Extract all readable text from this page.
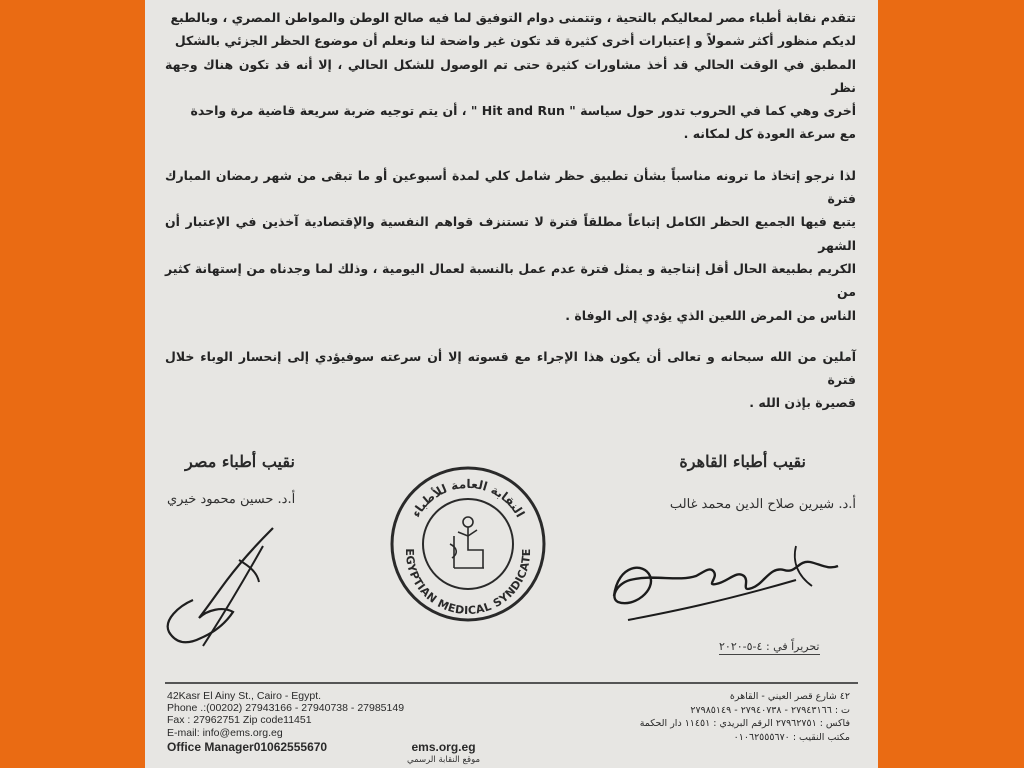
تتقدم نقابة أطباء مصر لمعاليكم بالتحية ، وتتمنى دوام التوفيق لما فيه صالح الوطن والمواطن المصري ، وبالطبع
لديكم منظور أكثر شمولاً و إعتبارات أخرى كثيرة قد تكون غير واضحة لنا ونعلم أن موضوع الحظر الجزئي بالشكل
المطبق في الوقت الحالي قد أخذ مشاورات كثيرة حتى تم الوصول للشكل الحالي ، إلا أنه قد تكون هناك وجهة نظر
أخرى وهي كما في الحروب تدور حول سياسة " Hit and Run " ، أن يتم توجيه ضربة سريعة قاضية مرة واحدة
مع سرعة العودة كل لمكانه .

لذا نرجو إتخاذ ما ترونه مناسباً بشأن تطبيق حظر شامل كلي لمدة أسبوعين أو ما تبقى من شهر رمضان المبارك فترة
يتبع فيها الجميع الحظر الكامل إتباعاً مطلقاً فترة لا تستنزف قواهم النفسية والإقتصادية آخذين في الإعتبار أن الشهر
الكريم بطبيعة الحال أقل إنتاجية و يمثل فترة عدم عمل بالنسبة لعمال اليومية ، وذلك لما وجدناه من إستهانة كثير من
الناس من المرض اللعين الذي يؤدي إلى الوفاة .

آملين من الله سبحانه و تعالى أن يكون هذا الإجراء مع قسوته إلا أن سرعته سوفيؤدي إلى إنحسار الوباء خلال فترة
قصيرة بإذن الله .

نقيب أطباء القاهرة
أ.د. شيرين صلاح الدين محمد غالب
نقيب أطباء مصر
أ.د. حسين محمود خيري
النقابة العامة للأطباء
EGYPTIAN MEDICAL SYNDICATE
تحريراً في : ٤-٥-٢٠٢٠
42Kasr El Ainy St., Cairo - Egypt.
Phone .:(00202) 27943166 - 27940738 - 27985149
Fax : 27962751 Zip code11451
E-mail: info@ems.org.eg
Office Manager01062555670	ems.org.eg
موقع النقابة الرسمي
٤٢ شارع قصر العيني - القاهرة
ت : ٢٧٩٤٣١٦٦ - ٢٧٩٤٠٧٣٨ - ٢٧٩٨٥١٤٩
فاكس : ٢٧٩٦٢٧٥١ الرقم البريدي : ١١٤٥١ دار الحكمة
مكتب النقيب : ٠١٠٦٢٥٥٥٦٧٠
